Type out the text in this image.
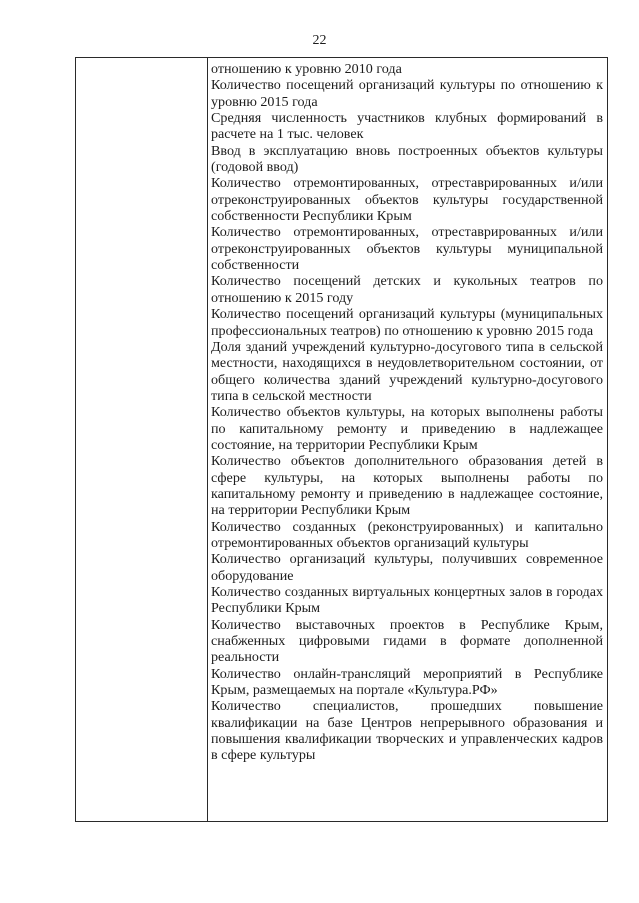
22

отношению к уровню 2010 года

Количество посещений организаций культуры по отношению к уровню 2015 года

Средняя численность участников клубных формирований в расчете на 1 тыс. человек

Ввод в эксплуатацию вновь построенных объектов культуры (годовой ввод)

Количество отремонтированных, отреставрированных и/или отреконструированных объектов культуры государственной собственности Республики Крым

Количество отремонтированных, отреставрированных и/или отреконструированных объектов культуры муниципальной собственности

Количество посещений детских и кукольных театров по отношению к 2015 году

Количество посещений организаций культуры (муниципальных профессиональных театров) по отношению к уровню 2015 года

Доля зданий учреждений культурно-досугового типа в сельской местности, находящихся в неудовлетворительном состоянии, от общего количества зданий учреждений культурно-досугового типа в сельской местности

Количество объектов культуры, на которых выполнены работы по капитальному ремонту и приведению в надлежащее состояние, на территории Республики Крым

Количество объектов дополнительного образования детей в сфере культуры, на которых выполнены работы по капитальному ремонту и приведению в надлежащее состояние, на территории Республики Крым

Количество созданных (реконструированных) и капитально отремонтированных объектов организаций культуры

Количество организаций культуры, получивших современное оборудование

Количество созданных виртуальных концертных залов в городах Республики Крым

Количество выставочных проектов в Республике Крым, снабженных цифровыми гидами в формате дополненной реальности

Количество онлайн-трансляций мероприятий в Республике Крым, размещаемых на портале «Культура.РФ»

Количество специалистов, прошедших повышение квалификации на базе Центров непрерывного образования и повышения квалификации творческих и управленческих кадров в сфере культуры
